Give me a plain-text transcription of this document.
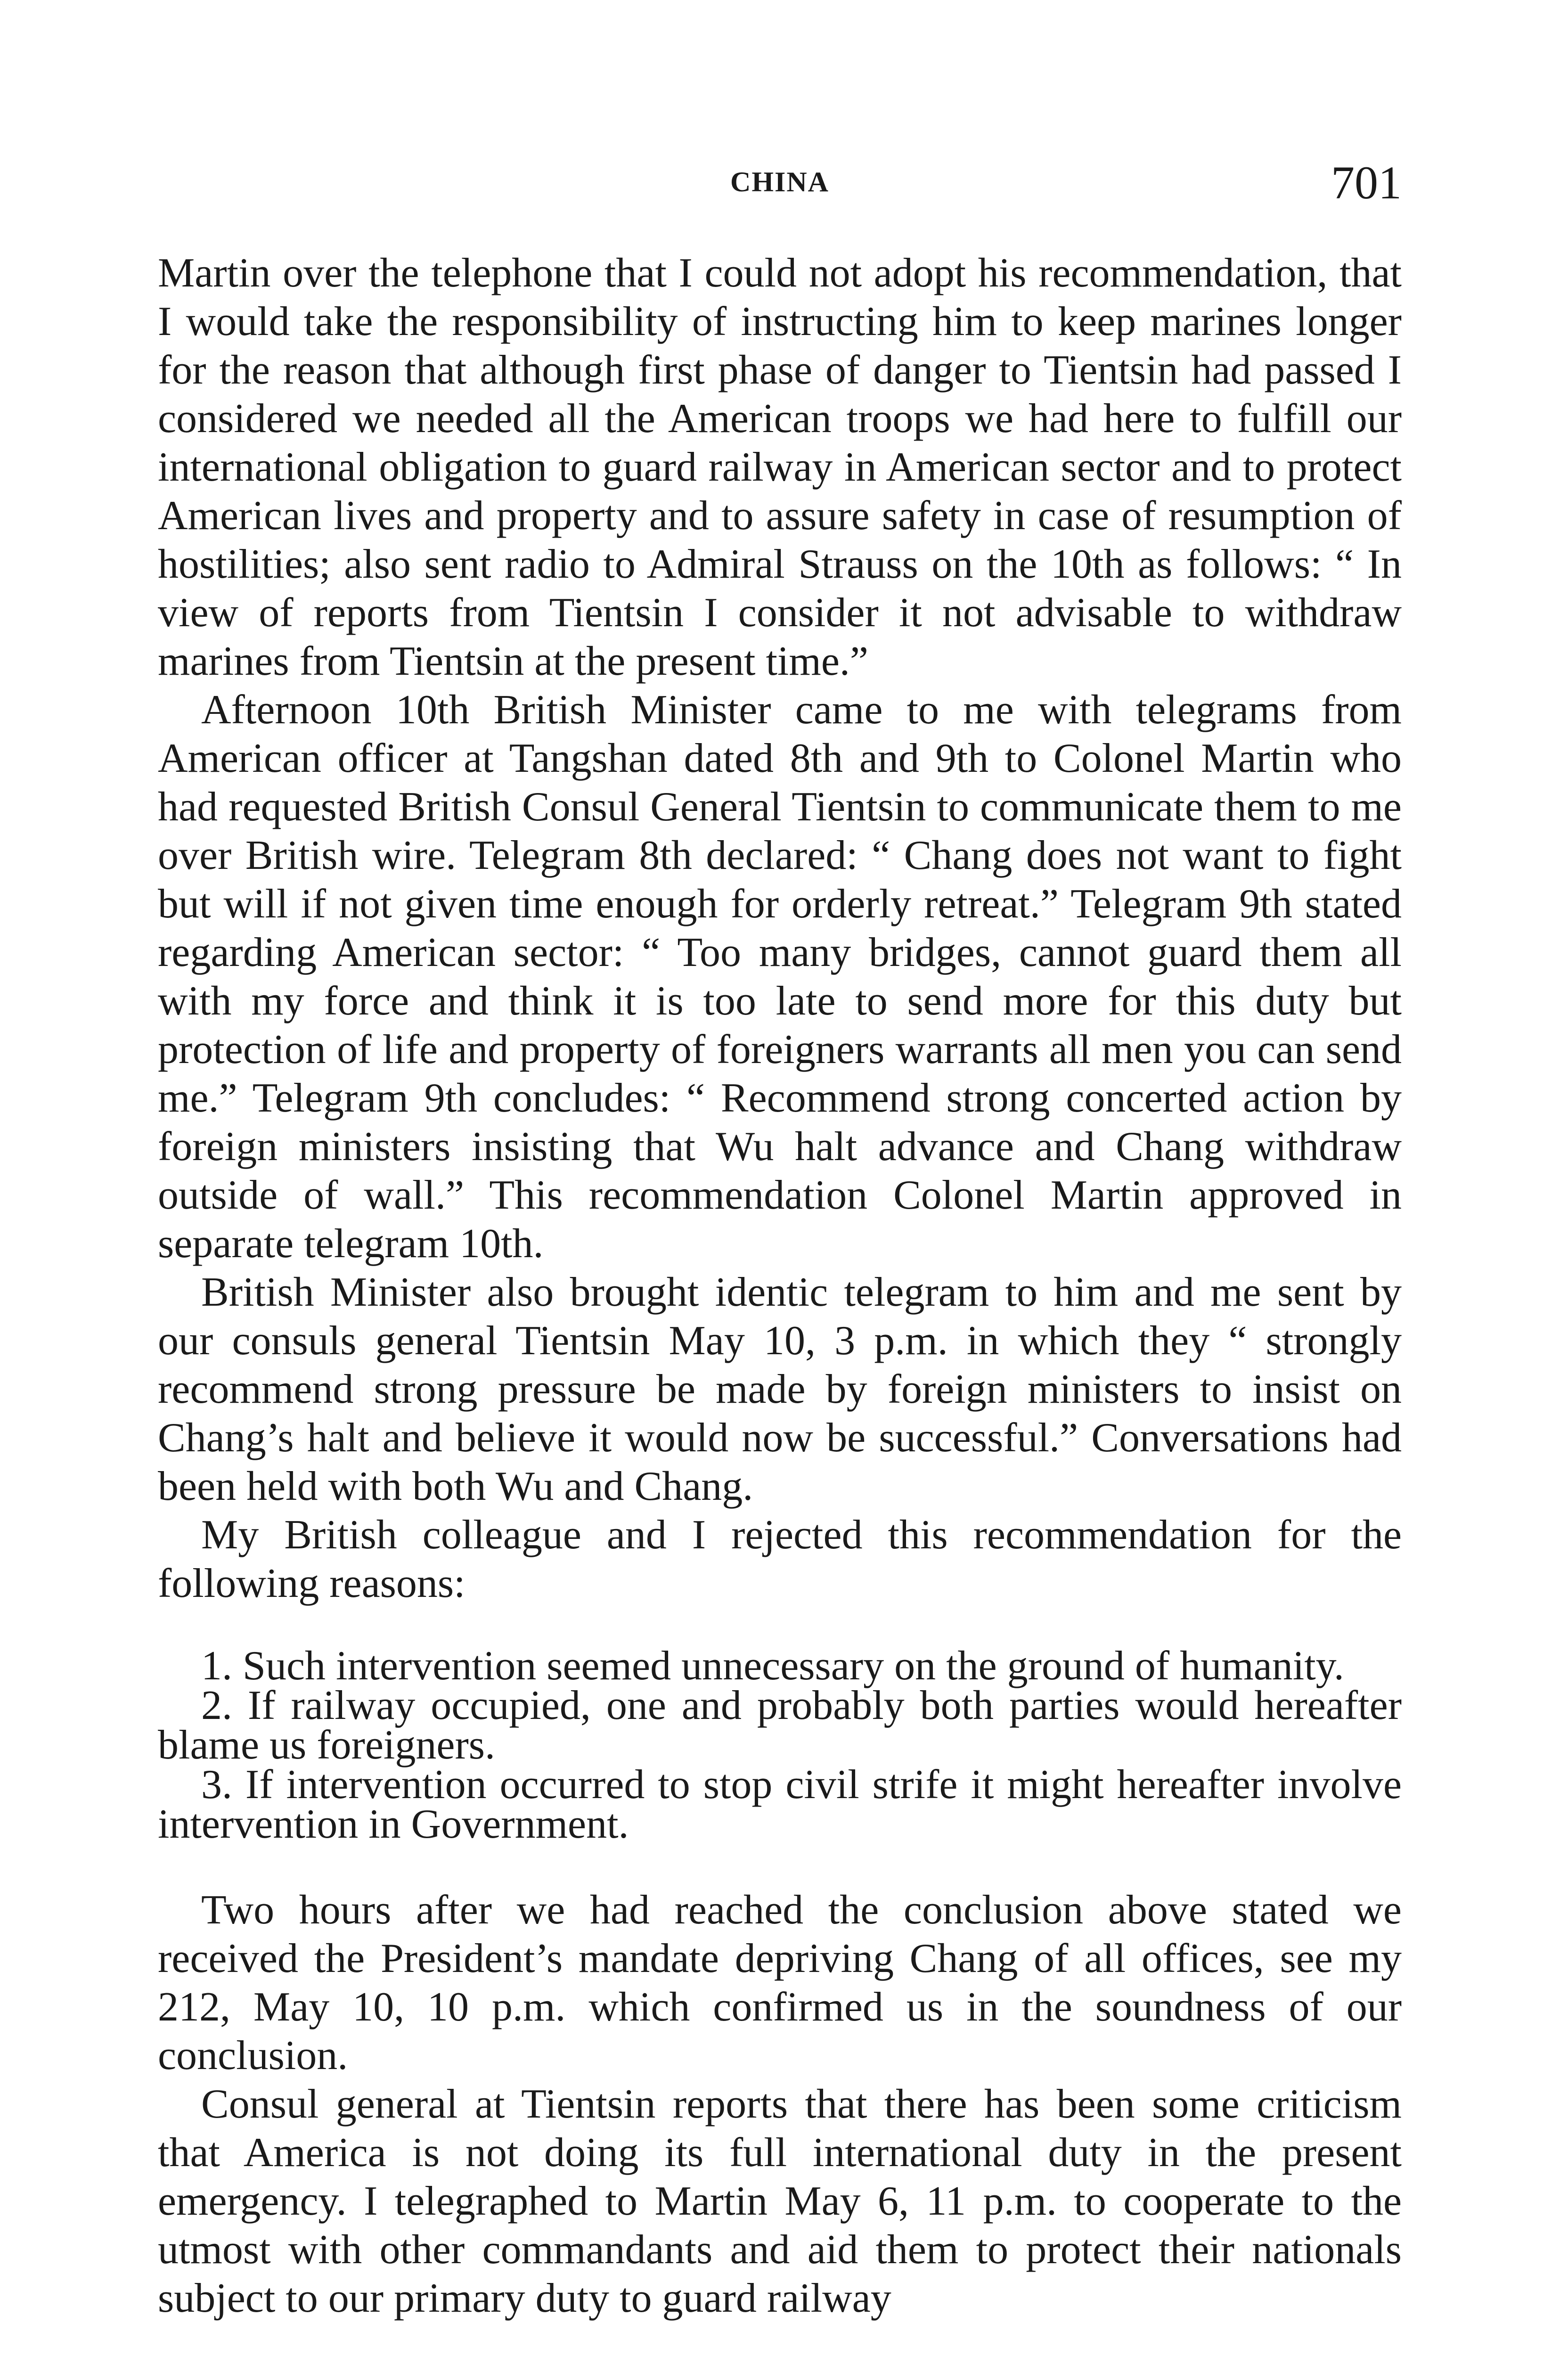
CHINA	701

Martin over the telephone that I could not adopt his recommendation, that I would take the responsibility of instructing him to keep marines longer for the reason that although first phase of danger to Tientsin had passed I considered we needed all the American troops we had here to fulfill our international obligation to guard railway in American sector and to protect American lives and property and to assure safety in case of resumption of hostilities; also sent radio to Admiral Strauss on the 10th as follows: “ In view of reports from Tientsin I consider it not advisable to withdraw marines from Tientsin at the present time.”

Afternoon 10th British Minister came to me with telegrams from American officer at Tangshan dated 8th and 9th to Colonel Martin who had requested British Consul General Tientsin to communicate them to me over British wire. Telegram 8th declared: “ Chang does not want to fight but will if not given time enough for orderly retreat.” Telegram 9th stated regarding American sector: “ Too many bridges, cannot guard them all with my force and think it is too late to send more for this duty but protection of life and property of foreigners warrants all men you can send me.” Telegram 9th concludes: “ Recommend strong concerted action by foreign ministers insisting that Wu halt advance and Chang withdraw outside of wall.” This recommendation Colonel Martin approved in separate telegram 10th.

British Minister also brought identic telegram to him and me sent by our consuls general Tientsin May 10, 3 p.m. in which they “ strongly recommend strong pressure be made by foreign ministers to insist on Chang’s halt and believe it would now be successful.” Conversations had been held with both Wu and Chang.

My British colleague and I rejected this recommendation for the following reasons:

1. Such intervention seemed unnecessary on the ground of humanity.

2. If railway occupied, one and probably both parties would hereafter blame us foreigners.

3. If intervention occurred to stop civil strife it might hereafter involve intervention in Government.

Two hours after we had reached the conclusion above stated we received the President’s mandate depriving Chang of all offices, see my 212, May 10, 10 p.m. which confirmed us in the soundness of our conclusion.

Consul general at Tientsin reports that there has been some criticism that America is not doing its full international duty in the present emergency. I telegraphed to Martin May 6, 11 p.m. to cooperate to the utmost with other commandants and aid them to protect their nationals subject to our primary duty to guard railway
